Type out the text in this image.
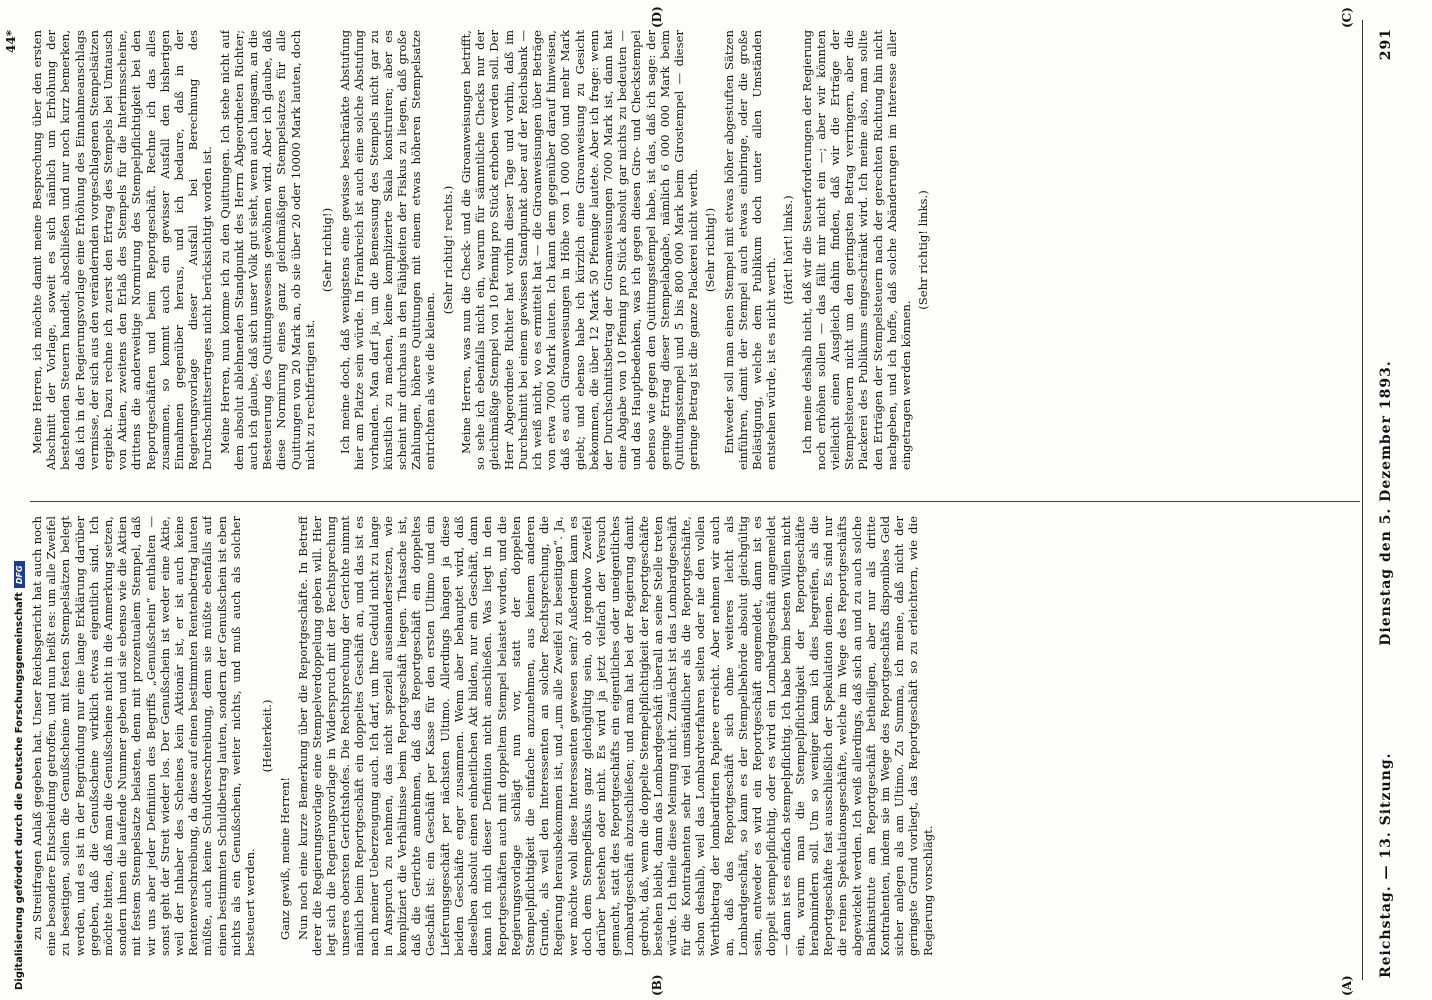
Reichstag. — 13. Sitzung.
Dienstag den 5. Dezember 1893.
291
(A)
(B)
(C)
(D)

zu Streitfragen Anlaß gegeben hat. Unser Reichsgericht hat auch noch eine besondere Entscheidung getroffen, und nun heißt es: um alle Zweifel zu beseitigen, sollen die Genußscheine mit festen Stempelsätzen belegt werden, und es ist in der Begründung nur eine lange Erklärung darüber gegeben, daß die Genußscheine wirklich etwas eigentlich sind. Ich möchte bitten, daß man die Genußscheine nicht in die Anmerkung setzen, sondern ihnen die laufende Nummer geben und sie ebenso wie die Aktien mit festem Stempelsatze belasten, denn mit prozentualem Stempel, daß wir uns aber jeder Definition des Begriffs „Genußschein“ enthalten — sonst geht der Streit wieder los. Der Genußschein ist weder eine Aktie, weil der Inhaber des Scheines kein Aktionär ist, er ist auch keine Rentenverschreibung, da diese auf einen bestimmten Rentenbetrag lauten müßte, auch keine Schuldverschreibung, denn sie müßte ebenfalls auf einen bestimmten Schuldbetrag lauten, sondern der Genußschein ist eben nichts als ein Genußschein, weiter nichts, und muß auch als solcher besteuert werden.

(Heiterkeit.)

Ganz gewiß, meine Herren! Nun noch eine kurze Bemerkung über die Reportgeschäfte. In Betreff derer die Regierungsvorlage eine Stempelverdoppelung geben will. Hier legt sich die Regierungsvorlage in Widerspruch mit der Rechtsprechung unseres obersten Gerichtshofes. Die Rechtsprechung der Gerichte nimmt nämlich beim Reportgeschäft ein doppeltes Geschäft an, und das ist es nach meiner Ueberzeugung auch. Ich darf, um Ihre Geduld nicht zu lange in Anspruch zu nehmen, das nicht speziell auseinandersetzen, wie kompliziert die Verhältnisse beim Reportgeschäft liegen. Thatsache ist, daß die Gerichte annehmen, daß das Reportgeschäft ein doppeltes Geschäft ist: ein Geschäft per Kasse für den ersten Ultimo und ein Lieferungsgeschäft per nächsten Ultimo. Allerdings hängen ja diese beiden Geschäfte enger zusammen. Wenn aber behauptet wird, daß dieselben absolut einen einheitlichen Akt bilden, nur ein Geschäft, dann kann ich mich dieser Definition nicht anschließen. Was liegt in den Reportgeschäften auch mit doppeltem Stempel belastet worden, und die Regierungsvorlage schlägt nun vor, statt der doppelten Stempelpflichtigkeit die einfache anzunehmen, aus keinem anderen Grunde, als weil den Interessenten an solcher Rechtsprechung, die Regierung herausbekommen ist, und „um alle Zweifel zu beseitigen“. Ja, wer möchte wohl diese Interessenten gewesen sein? Außerdem kann es doch dem Stempelfiskus ganz gleichgültig sein, ob irgendwo Zweifel darüber bestehen oder nicht. Es wird ja jetzt vielfach der Versuch gemacht, statt des Reportgeschäfts ein eigentliches oder uneigentliches Lombardgeschäft abzuschließen; und man hat bei der Regierung damit gedroht, daß, wenn die doppelte Stempelpflichtigkeit der Reportgeschäfte bestehen bleibt, dann das Lombardgeschäft überall an seine Stelle treten würde. Ich theile diese Meinung nicht. Zunächst ist das Lombardgeschäft für die Kontrahenten sehr viel umständlicher als die Reportgeschäfte, schon deshalb, weil das Lombardverfahren selten oder nie den vollen Werthbetrag der lombardirten Papiere erreicht. Aber nehmen wir auch an, daß das Reportgeschäft sich ohne weiteres leicht als Lombardgeschäft, so kann es der Stempelbehörde absolut gleichgültig sein, entweder es wird ein Reportgeschäft angemeldet, dann ist es doppelt stempelpflichtig, oder es wird ein Lombardgeschäft angemeldet — dann ist es einfach stempelpflichtig. Ich habe beim besten Willen nicht ein, warum man die Stempelpflichtigkeit der Reportgeschäfte herabmindern soll. Um so weniger kann ich dies begreifen, als die Reportgeschäfte fast ausschließlich der Spekulation dienen. Es sind nur die reinen Spekulationsgeschäfte, welche im Wege des Reportgeschäfts abgewickelt werden. Ich weiß allerdings, daß sich an und zu auch solche Bankinstitute am Reportgeschäft betheiligen, aber nur als dritte Kontrahenten, indem sie im Wege des Reportgeschäfts disponibles Geld sicher anlegen als am Ultimo. Zu Summa, ich meine, daß nicht der geringste Grund vorliegt, das Reportgeschäft so zu erleichtern, wie die Regierung vorschlägt.

Meine Herren, ich möchte damit meine Besprechung über den ersten Abschnitt der Vorlage, soweit es sich nämlich um Erhöhung der bestehenden Steuern handelt, abschließen und nur noch kurz bemerken, daß ich in der Regierungsvorlage eine Erhöhung des Einnahmeanschlags vermisse, der sich aus den verändernden vorgeschlagenen Stempelsätzen ergiebt. Dazu rechne ich zuerst den Ertrag des Stempels bei Umtausch von Aktien, zweitens den Erlaß des Stempels für die Interimsscheine, drittens die anderweitige Normirung des Stempelpflichtigkeit bei den Reportgeschäften und beim Reportgeschäft. Rechne ich das alles zusammen, so kommt auch ein gewisser Ausfall den bisherigen Einnahmen gegenüber heraus, und ich bedaure, daß in der Regierungsvorlage dieser Ausfall bei Berechnung des Durchschnittsertrages nicht berücksichtigt worden ist. Meine Herren, nun komme ich zu den Quittungen. Ich stehe nicht auf dem absolut ablehnenden Standpunkt des Herrn Abgeordneten Richter; auch ich glaube, daß sich unser Volk gut sieht, wenn auch langsam, an die Besteuerung des Quittungswesens gewöhnen wird. Aber ich glaube, daß diese Normirung eines ganz gleichmäßigen Stempelsatzes für alle Quittungen von 20 Mark an, ob sie über 20 oder 10000 Mark lauten, doch nicht zu rechtfertigen ist.

(Sehr richtig!) Ich meine doch, daß wenigstens eine gewisse beschränkte Abstufung hier am Platze sein würde. In Frankreich ist auch eine solche Abstufung vorhanden. Man darf ja, um die Bemessung des Stempels nicht gar zu künstlich zu machen, keine komplizierte Skala konstruiren; aber es scheint mir durchaus in den Fähigkeiten der Fiskus zu liegen, daß große Zahlungen, höhere Quittungen mit einem etwas höheren Stempelsatze entrichten als wie die kleinen.

(Sehr richtig! rechts.) Meine Herren, was nun die Check- und die Giroanweisungen betrifft, so sehe ich ebenfalls nicht ein, warum für sämmtliche Checks nur der gleichmäßige Stempel von 10 Pfennig pro Stück erhoben werden soll. Der Herr Abgeordnete Richter hat vorhin dieser Tage und vorhin, daß im Durchschnitt bei einem gewissen Standpunkt aber auf der Reichsbank — ich weiß nicht, wo es ermittelt hat — die Giroanweisungen über Beträge von etwa 7000 Mark lauten. Ich kann dem gegenüber darauf hinweisen, daß es auch Giroanweisungen in Höhe von 1 000 000 und mehr Mark giebt; und ebenso habe ich kürzlich eine Giroanweisung zu Gesicht bekommen, die über 12 Mark 50 Pfennige lautete. Aber ich frage: wenn der Durchschnittsbetrag der Giroanweisungen 7000 Mark ist, dann hat eine Abgabe von 10 Pfennig pro Stück absolut gar nichts zu bedeuten — und das Hauptbedenken, was ich gegen diesen Giro- und Checkstempel ebenso wie gegen den Quittungsstempel habe, ist das, daß ich sage: der geringe Ertrag dieser Stempelabgabe, nämlich 6 000 000 Mark beim Quittungsstempel und 5 bis 800 000 Mark beim Girostempel — dieser geringe Betrag ist die ganze Plackerei nicht werth. (Sehr richtig!) Entweder soll man einen Stempel mit etwas höher abgestuften Sätzen einführen, damit der Stempel auch etwas einbringe, oder die große Belästigung, welche dem Publikum doch unter allen Umständen entstehen würde, ist es nicht werth.

(Hört! hört! links.) Ich meine deshalb nicht, daß wir die Steuerforderungen der Regierung noch erhöhen sollen — das fällt mir nicht ein —; aber wir könnten vielleicht einen Ausgleich dahin finden, daß wir die Erträge der Stempelsteuern nicht um den geringsten Betrag verringern, aber die Plackerei des Publikums eingeschränkt wird. Ich meine also, man sollte den Erträgen der Stempelsteuern nach der gerechten Richtung hin nicht nachgeben, und ich hoffe, daß solche Abänderungen im Interesse aller eingetragen werden können.

(Sehr richtig! links.)

44*
Digitalisierung gefördert durch die Deutsche ForschungsgemeinschaftDFG
